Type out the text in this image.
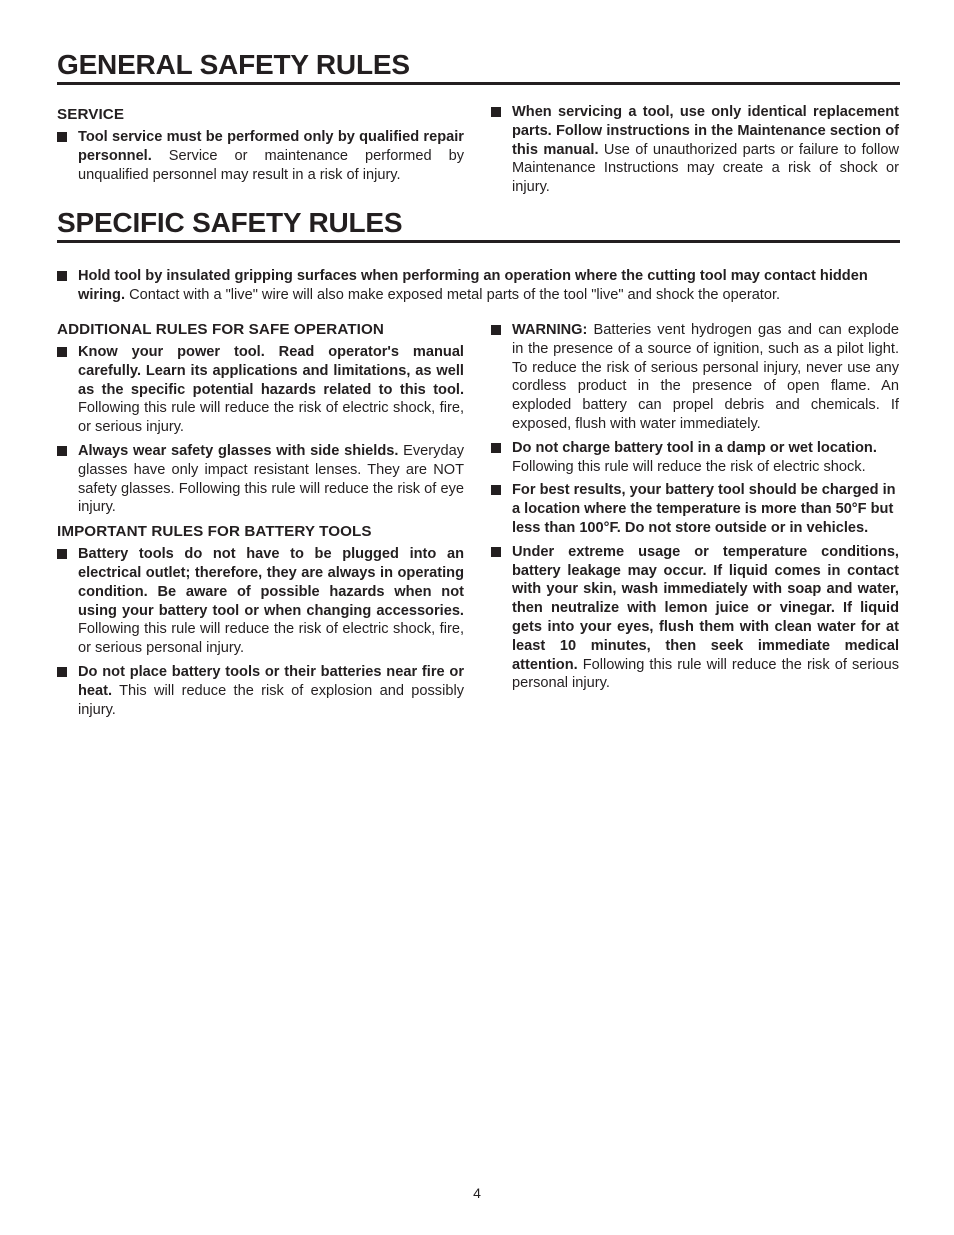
GENERAL SAFETY RULES
SERVICE
Tool service must be performed only by qualified repair personnel. Service or maintenance performed by unqualified personnel may result in a risk of injury.
When servicing a tool, use only identical replacement parts. Follow instructions in the Maintenance section of this manual. Use of unauthorized parts or failure to follow Maintenance Instructions may create a risk of shock or injury.
SPECIFIC SAFETY RULES
Hold tool by insulated gripping surfaces when performing an operation where the cutting tool may contact hidden wiring. Contact with a "live" wire will also make exposed metal parts of the tool "live" and shock the operator.
ADDITIONAL RULES FOR SAFE OPERATION
Know your power tool. Read operator's manual carefully. Learn its applications and limitations, as well as the specific potential hazards related to this tool. Following this rule will reduce the risk of electric shock, fire, or serious injury.
Always wear safety glasses with side shields. Everyday glasses have only impact resistant lenses. They are NOT safety glasses. Following this rule will reduce the risk of eye injury.
IMPORTANT RULES FOR BATTERY TOOLS
Battery tools do not have to be plugged into an electrical outlet; therefore, they are always in operating condition. Be aware of possible hazards when not using your battery tool or when changing accessories. Following this rule will reduce the risk of electric shock, fire, or serious personal injury.
Do not place battery tools or their batteries near fire or heat. This will reduce the risk of explosion and possibly injury.
WARNING: Batteries vent hydrogen gas and can explode in the presence of a source of ignition, such as a pilot light. To reduce the risk of serious personal injury, never use any cordless product in the presence of open flame. An exploded battery can propel debris and chemicals. If exposed, flush with water immediately.
Do not charge battery tool in a damp or wet location. Following this rule will reduce the risk of electric shock.
For best results, your battery tool should be charged in a location where the temperature is more than 50°F but less than 100°F. Do not store outside or in vehicles.
Under extreme usage or temperature conditions, battery leakage may occur. If liquid comes in contact with your skin, wash immediately with soap and water, then neutralize with lemon juice or vinegar. If liquid gets into your eyes, flush them with clean water for at least 10 minutes, then seek immediate medical attention. Following this rule will reduce the risk of serious personal injury.
4
